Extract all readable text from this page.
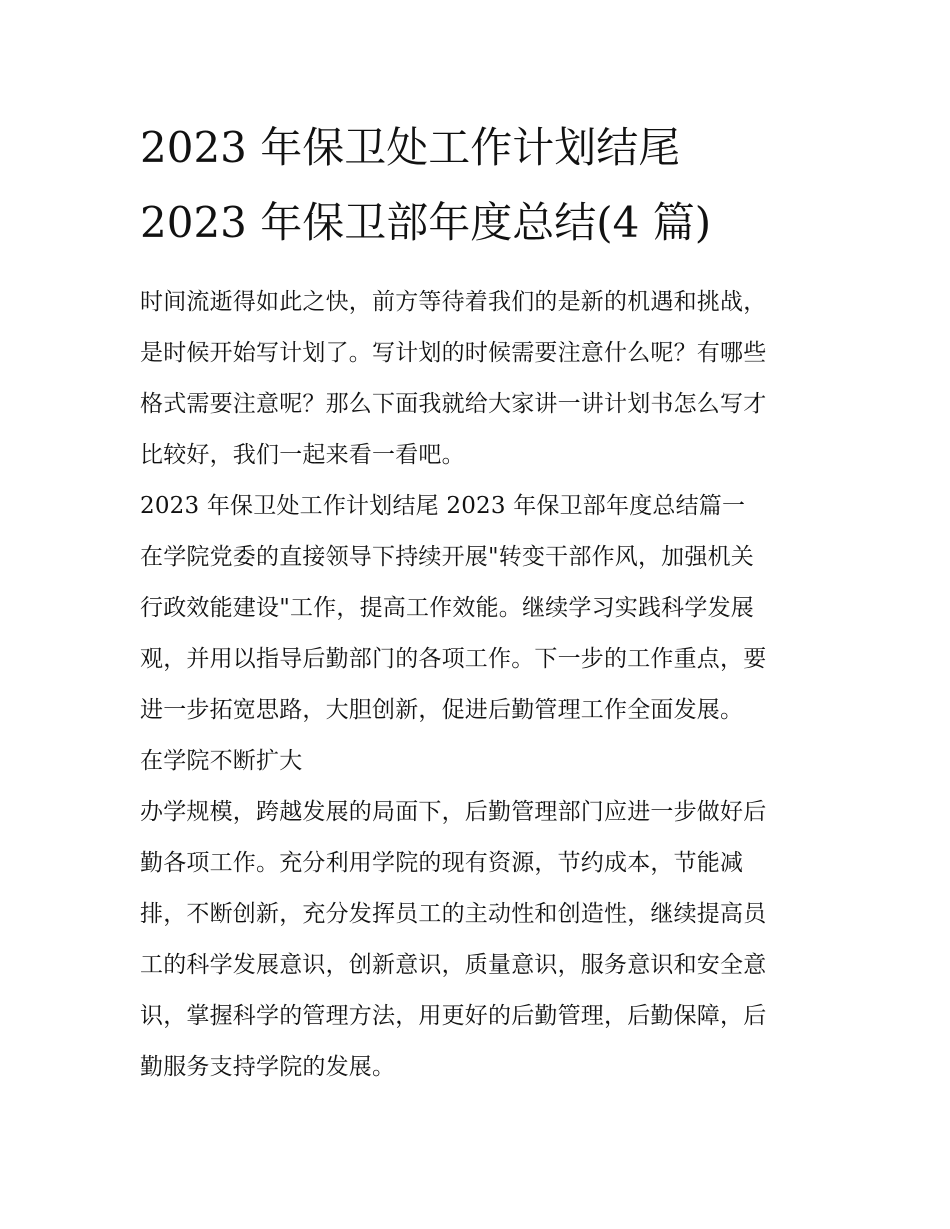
2023 年保卫处工作计划结尾
2023 年保卫部年度总结(4 篇)

时间流逝得如此之快，前方等待着我们的是新的机遇和挑战，

是时候开始写计划了。写计划的时候需要注意什么呢？有哪些

格式需要注意呢？那么下面我就给大家讲一讲计划书怎么写才

比较好，我们一起来看一看吧。

2023 年保卫处工作计划结尾 2023 年保卫部年度总结篇一

在学院党委的直接领导下持续开展"转变干部作风，加强机关

行政效能建设"工作，提高工作效能。继续学习实践科学发展

观，并用以指导后勤部门的各项工作。下一步的工作重点，要

进一步拓宽思路，大胆创新，促进后勤管理工作全面发展。

在学院不断扩大

办学规模，跨越发展的局面下，后勤管理部门应进一步做好后

勤各项工作。充分利用学院的现有资源，节约成本，节能减

排，不断创新，充分发挥员工的主动性和创造性，继续提高员

工的科学发展意识，创新意识，质量意识，服务意识和安全意

识，掌握科学的管理方法，用更好的后勤管理，后勤保障，后

勤服务支持学院的发展。
